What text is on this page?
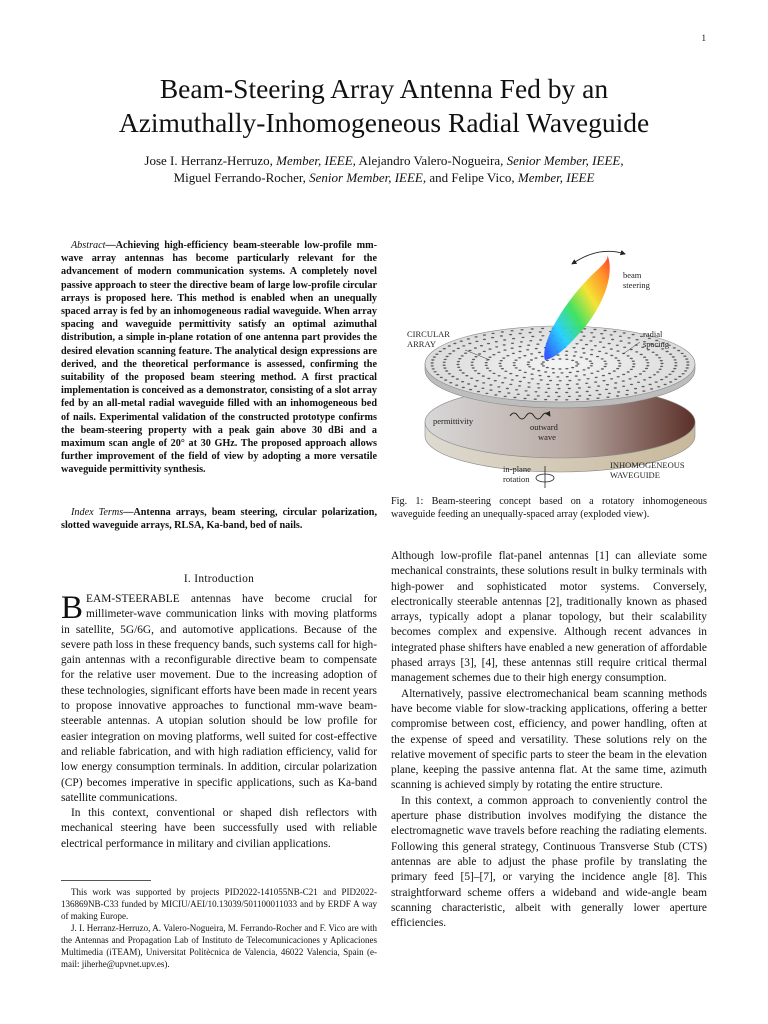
1
Beam-Steering Array Antenna Fed by an
Azimuthally-Inhomogeneous Radial Waveguide
Jose I. Herranz-Herruzo, Member, IEEE, Alejandro Valero-Nogueira, Senior Member, IEEE,
Miguel Ferrando-Rocher, Senior Member, IEEE, and Felipe Vico, Member, IEEE
Abstract—Achieving high-efficiency beam-steerable low-profile mm-wave array antennas has become particularly relevant for the advancement of modern communication systems. A completely novel passive approach to steer the directive beam of large low-profile circular arrays is proposed here. This method is enabled when an unequally spaced array is fed by an inhomogeneous radial waveguide. When array spacing and waveguide permittivity satisfy an optimal azimuthal distribution, a simple in-plane rotation of one antenna part provides the desired elevation scanning feature. The analytical design expressions are derived, and the theoretical performance is assessed, confirming the suitability of the proposed beam steering method. A first practical implementation is conceived as a demonstrator, consisting of a slot array fed by an all-metal radial waveguide filled with an inhomogeneous bed of nails. Experimental validation of the constructed prototype confirms the beam-steering property with a peak gain above 30 dBi and a maximum scan angle of 20° at 30 GHz. The proposed approach allows further improvement of the field of view by adopting a more versatile waveguide permittivity synthesis.
Index Terms—Antenna arrays, beam steering, circular polarization, slotted waveguide arrays, RLSA, Ka-band, bed of nails.
I. Introduction

BEAM-STEERABLE antennas have become crucial for millimeter-wave communication links with moving platforms in satellite, 5G/6G, and automotive applications. Because of the severe path loss in these frequency bands, such systems call for high-gain antennas with a reconfigurable directive beam to compensate for the relative user movement. Due to the increasing adoption of these technologies, significant efforts have been made in recent years to propose innovative approaches to functional mm-wave beam-steerable antennas. A utopian solution should be low profile for easier integration on moving platforms, well suited for cost-effective and reliable fabrication, and with high radiation efficiency, valid for low energy consumption terminals. In addition, circular polarization (CP) becomes imperative in specific applications, such as Ka-band satellite communications.

In this context, conventional or shaped dish reflectors with mechanical steering have been successfully used with reliable electrical performance in military and civilian applications.

This work was supported by projects PID2022-141055NB-C21 and PID2022-136869NB-C33 funded by MICIU/AEI/10.13039/501100011033 and by ERDF A way of making Europe.

J. I. Herranz-Herruzo, A. Valero-Nogueira, M. Ferrando-Rocher and F. Vico are with the Antennas and Propagation Lab of Instituto de Telecomunicaciones y Aplicaciones Multimedia (iTEAM), Universitat Politècnica de Valencia, 46022 Valencia, Spain (e-mail: jiherhe@upvnet.upv.es).

beam
steering
CIRCULAR
ARRAY
radial
spacing
permittivity
outward
wave
in-plane
rotation
INHOMOGENEOUS
WAVEGUIDE
Fig. 1: Beam-steering concept based on a rotatory inhomogeneous waveguide feeding an unequally-spaced array (exploded view).

Although low-profile flat-panel antennas [1] can alleviate some mechanical constraints, these solutions result in bulky terminals with high-power and sophisticated motor systems. Conversely, electronically steerable antennas [2], traditionally known as phased arrays, typically adopt a planar topology, but their scalability becomes complex and expensive. Although recent advances in integrated phase shifters have enabled a new generation of affordable phased arrays [3], [4], these antennas still require critical thermal management schemes due to their high energy consumption.

Alternatively, passive electromechanical beam scanning methods have become viable for slow-tracking applications, offering a better compromise between cost, efficiency, and power handling, often at the expense of speed and versatility. These solutions rely on the relative movement of specific parts to steer the beam in the elevation plane, keeping the passive antenna flat. At the same time, azimuth scanning is achieved simply by rotating the entire structure.

In this context, a common approach to conveniently control the aperture phase distribution involves modifying the distance the electromagnetic wave travels before reaching the radiating elements. Following this general strategy, Continuous Transverse Stub (CTS) antennas are able to adjust the phase profile by translating the primary feed [5]–[7], or varying the incidence angle [8]. This straightforward scheme offers a wideband and wide-angle beam scanning characteristic, albeit with generally lower aperture efficiencies.
